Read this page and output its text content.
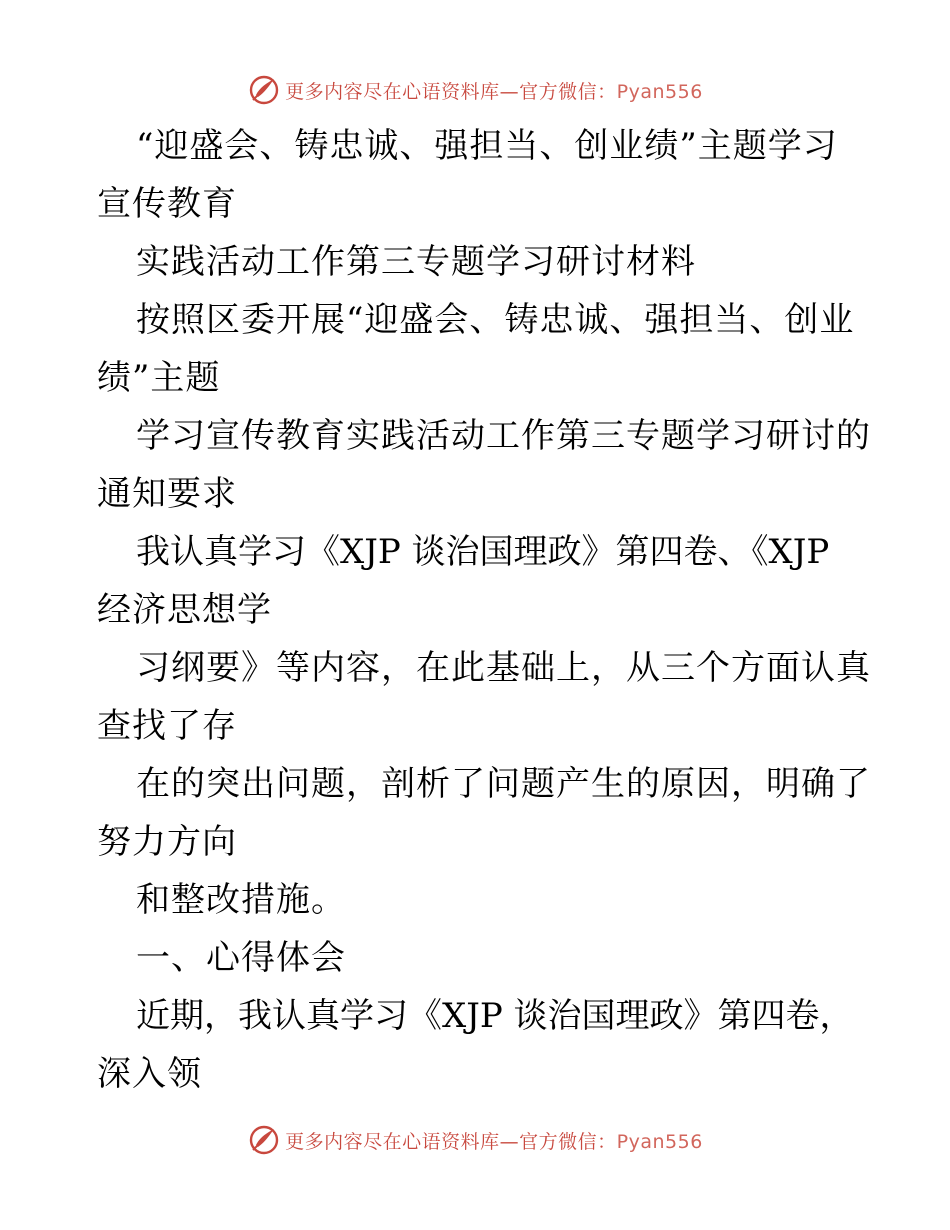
更多内容尽在心语资料库—官方微信：Pyan556
“迎盛会、铸忠诚、强担当、创业绩”主题学习
宣传教育
实践活动工作第三专题学习研讨材料
按照区委开展“迎盛会、铸忠诚、强担当、创业
绩”主题
学习宣传教育实践活动工作第三专题学习研讨的
通知要求
我认真学习《XJP 谈治国理政》第四卷、《XJP
经济思想学
习纲要》等内容，在此基础上，从三个方面认真
查找了存
在的突出问题，剖析了问题产生的原因，明确了
努力方向
和整改措施。
一、心得体会
近期，我认真学习《XJP 谈治国理政》第四卷，
深入领
更多内容尽在心语资料库—官方微信：Pyan556
